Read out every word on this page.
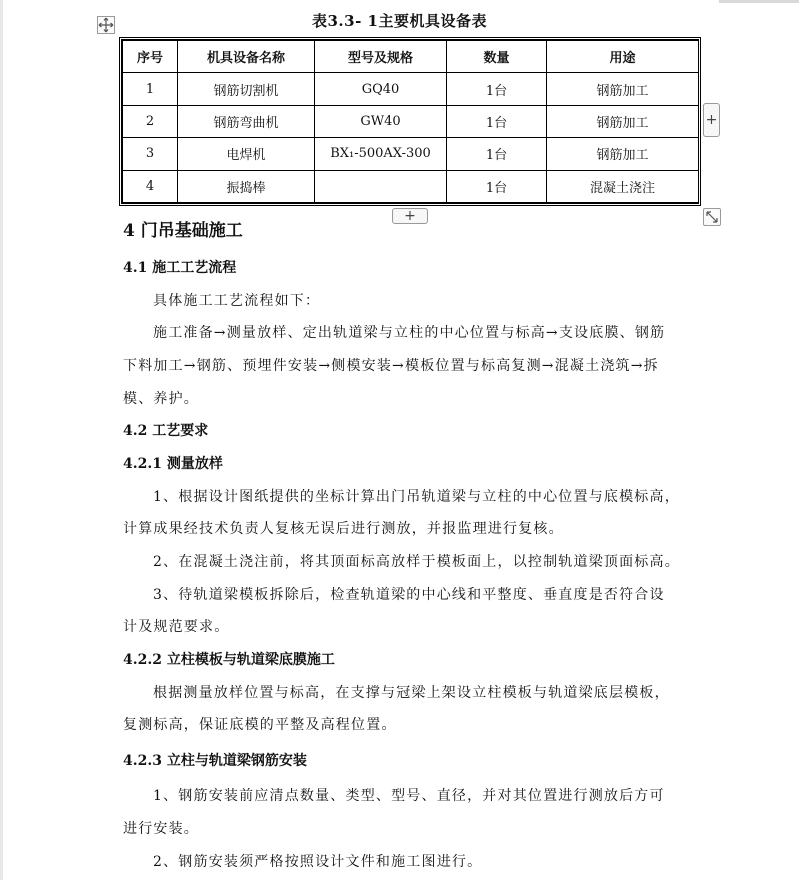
表3.3- 1主要机具设备表
序号	机具设备名称	型号及规格	数量	用途
1	钢筋切割机	GQ40	1台	钢筋加工
2	钢筋弯曲机	GW40	1台	钢筋加工
3	电焊机	BX₁-500AX-300	1台	钢筋加工
4	振捣棒		1台	混凝土浇注
+
+
4 门吊基础施工
4.1 施工工艺流程
具体施工工艺流程如下：
施工准备→测量放样、定出轨道梁与立柱的中心位置与标高→支设底膜、钢筋
下料加工→钢筋、预埋件安装→侧模安装→模板位置与标高复测→混凝土浇筑→拆
模、养护。
4.2 工艺要求
4.2.1 测量放样
1、根据设计图纸提供的坐标计算出门吊轨道梁与立柱的中心位置与底模标高，
计算成果经技术负责人复核无误后进行测放，并报监理进行复核。
2、在混凝土浇注前，将其顶面标高放样于模板面上，以控制轨道梁顶面标高。
3、待轨道梁模板拆除后，检查轨道梁的中心线和平整度、垂直度是否符合设
计及规范要求。
4.2.2 立柱模板与轨道梁底膜施工
根据测量放样位置与标高，在支撑与冠梁上架设立柱模板与轨道梁底层模板，
复测标高，保证底模的平整及高程位置。
4.2.3 立柱与轨道梁钢筋安装
1、钢筋安装前应清点数量、类型、型号、直径，并对其位置进行测放后方可
进行安装。
2、钢筋安装须严格按照设计文件和施工图进行。
